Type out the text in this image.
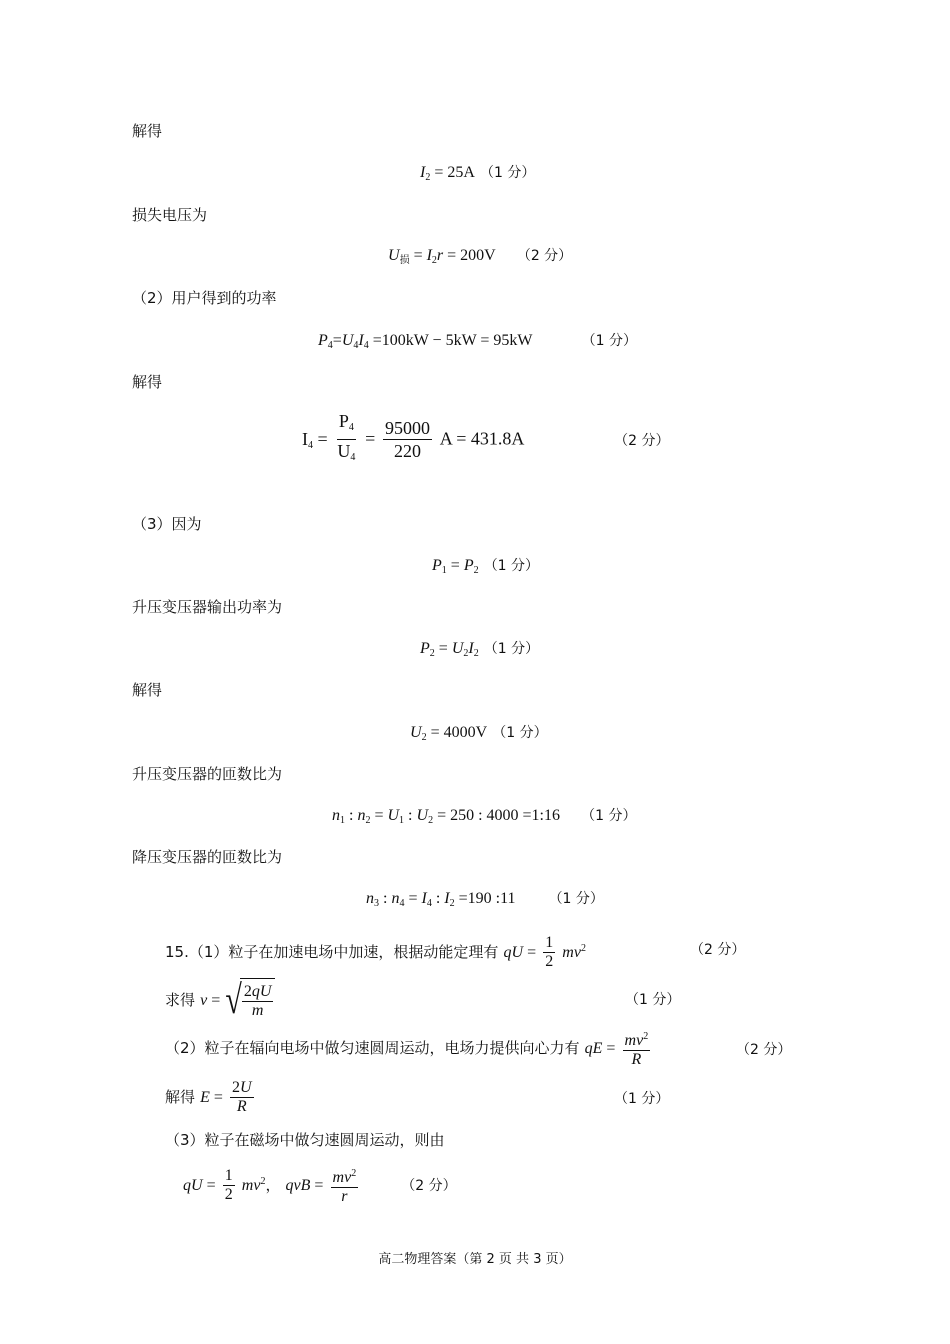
解得
$I_2 = 25A$ （1 分）
损失电压为
$U_损 = I_2r = 200V$ （2 分）
（2）用户得到的功率
$P_4=U_4I_4 =100kW - 5kW = 95kW$	（1 分）
解得
$I_4 = \frac{P_4}{U_4} = \frac{95000}{220}$ A = 431.8A	（2 分）
（3）因为
$P_1 = P_2$ （1 分）
升压变压器输出功率为
$P_2 = U_2I_2$ （1 分）
解得
$U_2 = 4000V$ （1 分）
升压变压器的匝数比为
$n_1$ : $n_2 = U_1$ : $U_2 = 250$ : 4000 =1:16 （1 分）
降压变压器的匝数比为
$n_3$ : $n_4 = I_4$ : $I_2 =190$ :11 （1 分）
15.（1）粒子在加速电场中加速，根据动能定理有 qU = $\frac{1}{2} mv^2$	（2 分）
求得 v = √ $\frac{2qU}{m}$	（1 分）
（2）粒子在辐向电场中做匀速圆周运动，电场力提供向心力有 qE = $\frac{mv^2}{R}$	（2 分）
解得 $E = \frac{2U}{R}$	（1 分）
（3）粒子在磁场中做匀速圆周运动，则由
qU = $\frac{1}{2} mv^2$， qvB = $\frac{mv^2}{r}$	（2 分）
高二物理答案（第 2 页 共 3 页）
